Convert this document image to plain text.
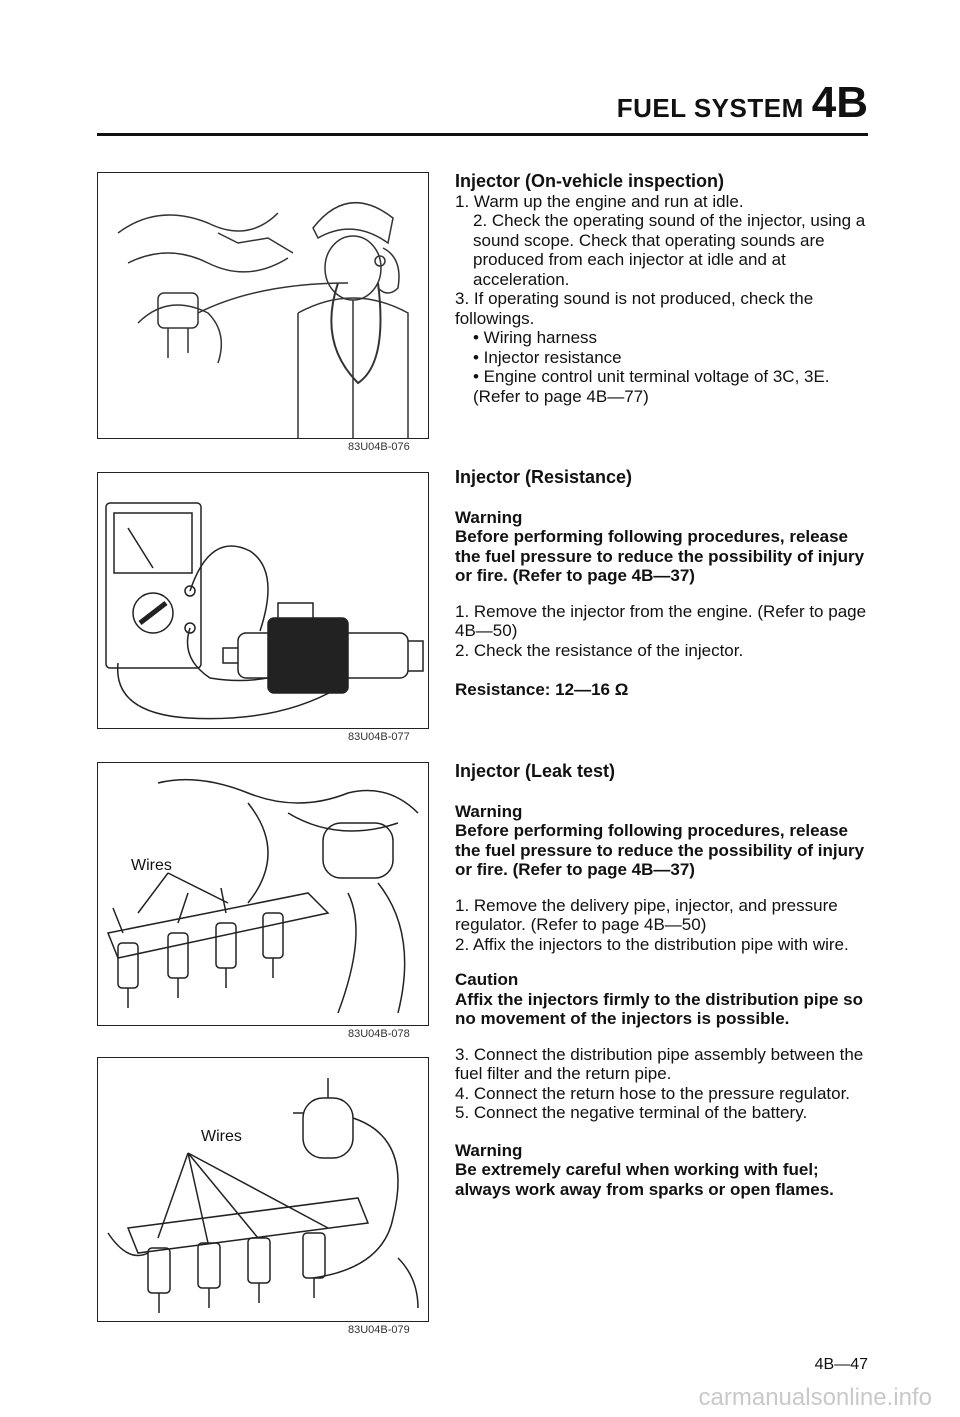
FUEL SYSTEM 4B
83U04B-076
83U04B-077
Wires
83U04B-078
Wires
83U04B-079

Injector (On-vehicle inspection)

1. Warm up the engine and run at idle.

2. Check the operating sound of the injector, using a sound scope. Check that operating sounds are produced from each injector at idle and at acceleration.

3. If operating sound is not produced, check the followings.

• Wiring harness

• Injector resistance

• Engine control unit terminal voltage of 3C, 3E. (Refer to page 4B—77)

Injector (Resistance)

Warning

Before performing following procedures, release the fuel pressure to reduce the possibility of injury or fire. (Refer to page 4B—37)

1. Remove the injector from the engine. (Refer to page 4B—50)

2. Check the resistance of the injector.

Resistance: 12—16 Ω

Injector (Leak test)

Warning

Before performing following procedures, release the fuel pressure to reduce the possibility of injury or fire. (Refer to page 4B—37)

1. Remove the delivery pipe, injector, and pressure regulator. (Refer to page 4B—50)

2. Affix the injectors to the distribution pipe with wire.

Caution

Affix the injectors firmly to the distribution pipe so no movement of the injectors is possible.

3. Connect the distribution pipe assembly between the fuel filter and the return pipe.

4. Connect the return hose to the pressure regulator.

5. Connect the negative terminal of the battery.

Warning

Be extremely careful when working with fuel; always work away from sparks or open flames.

4B—47
carmanualsonline.info
